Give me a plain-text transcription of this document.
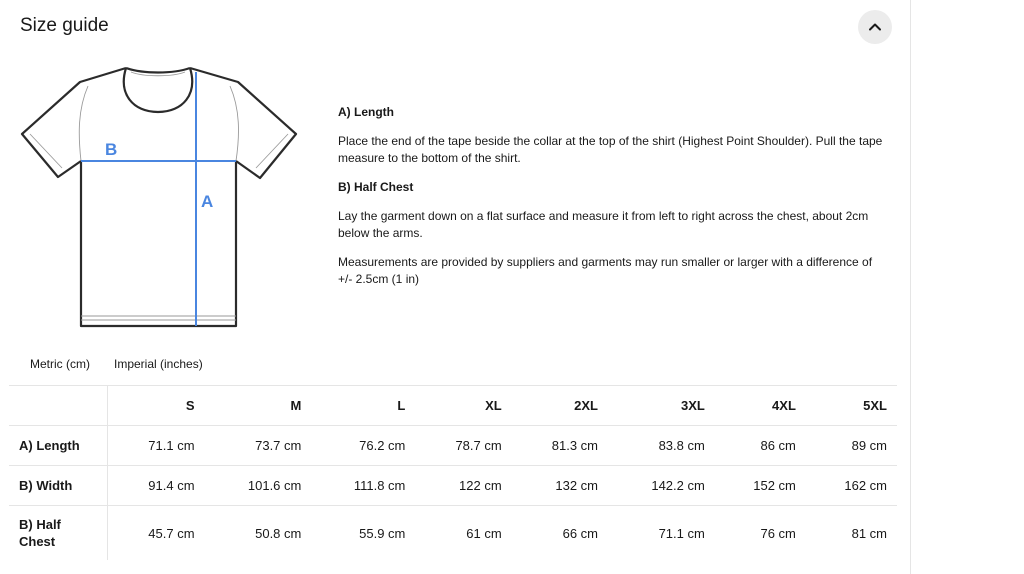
Size guide
B
A
A) Length

Place the end of the tape beside the collar at the top of the shirt (Highest Point Shoulder). Pull the tape measure to the bottom of the shirt.

B) Half Chest

Lay the garment down on a flat surface and measure it from left to right across the chest, about 2cm below the arms.

Measurements are provided by suppliers and garments may run smaller or larger with a difference of +/- 2.5cm (1 in)

Metric (cm) Imperial (inches)
	S	M	L	XL	2XL	3XL	4XL	5XL
A) Length	71.1 cm	73.7 cm	76.2 cm	78.7 cm	81.3 cm	83.8 cm	86 cm	89 cm
B) Width	91.4 cm	101.6 cm	111.8 cm	122 cm	132 cm	142.2 cm	152 cm	162 cm
B) Half Chest	45.7 cm	50.8 cm	55.9 cm	61 cm	66 cm	71.1 cm	76 cm	81 cm
